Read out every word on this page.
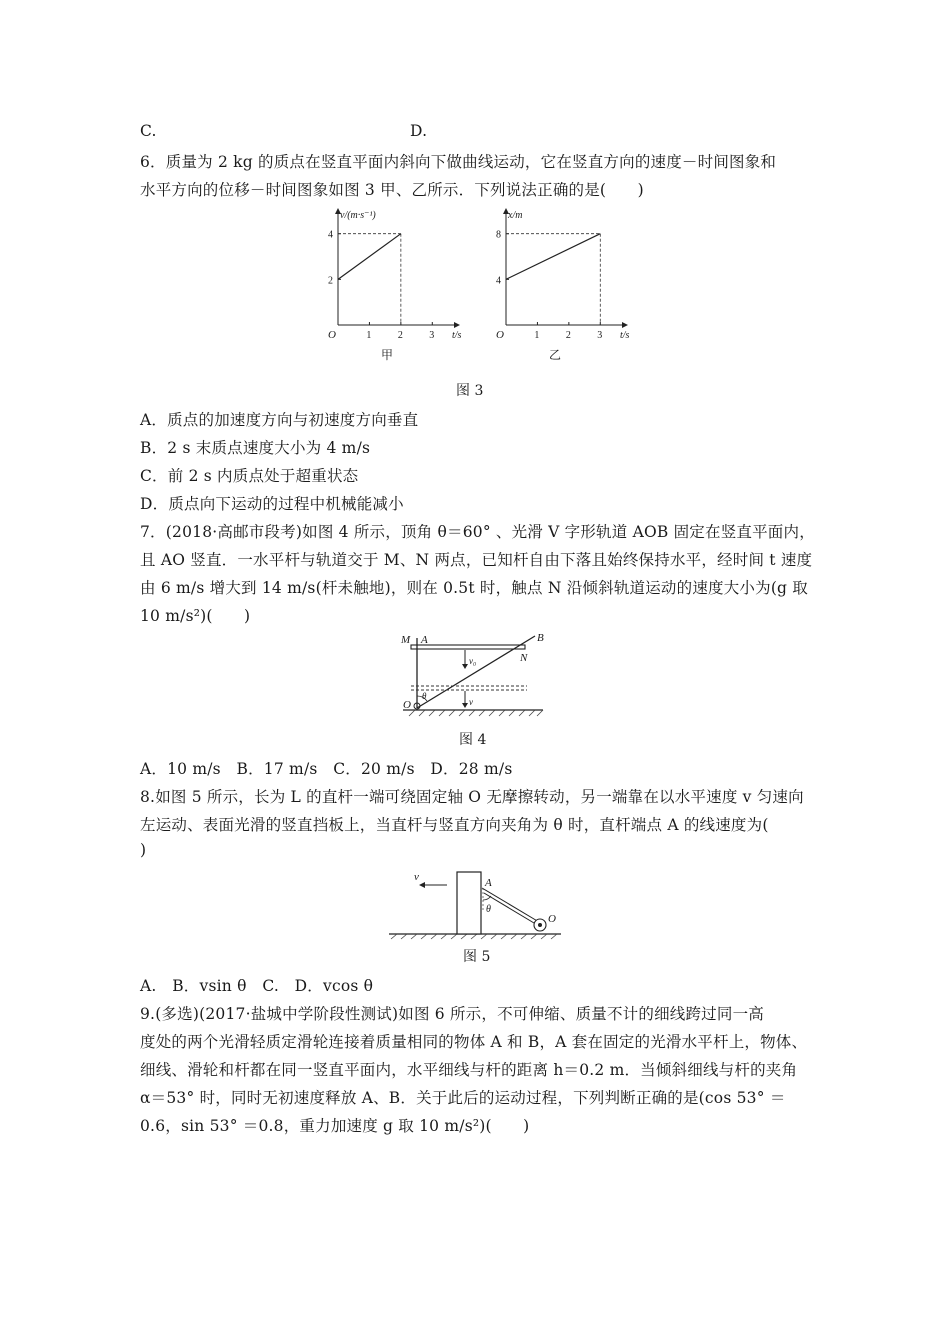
C.	D.
6．质量为 2 kg 的质点在竖直平面内斜向下做曲线运动，它在竖直方向的速度－时间图象和
水平方向的位移－时间图象如图 3 甲、乙所示．下列说法正确的是(　　)
v/(m·s⁻¹)
t/s
O	1	2	3
2
4
甲
x/m
t/s
O	1	2	3
4
8
乙
图 3
A．质点的加速度方向与初速度方向垂直
B．2 s 末质点速度大小为 4 m/s
C．前 2 s 内质点处于超重状态
D．质点向下运动的过程中机械能减小
7．(2018·高邮市段考)如图 4 所示，顶角 θ＝60° 、光滑 V 字形轨道 AOB 固定在竖直平面内，
且 AO 竖直．一水平杆与轨道交于 M、N 两点，已知杆自由下落且始终保持水平，经时间 t 速度
由 6 m/s 增大到 14 m/s(杆未触地)，则在 0.5t 时，触点 N 沿倾斜轨道运动的速度大小为(g 取
10 m/s²)(　　)
M A	B
N
O
θ
v₀
v
图 4
A．10 m/s　B．17 m/s　C．20 m/s　D．28 m/s
8.如图 5 所示，长为 L 的直杆一端可绕固定轴 O 无摩擦转动，另一端靠在以水平速度 v 匀速向
左运动、表面光滑的竖直挡板上，当直杆与竖直方向夹角为 θ 时，直杆端点 A 的线速度为(
)
v	A
θ
O
图 5
A.　B．vsin θ　C.　D．vcos θ
9.(多选)(2017·盐城中学阶段性测试)如图 6 所示，不可伸缩、质量不计的细线跨过同一高
度处的两个光滑轻质定滑轮连接着质量相同的物体 A 和 B，A 套在固定的光滑水平杆上，物体、
细线、滑轮和杆都在同一竖直平面内，水平细线与杆的距离 h＝0.2 m．当倾斜细线与杆的夹角
α＝53° 时，同时无初速度释放 A、B．关于此后的运动过程，下列判断正确的是(cos 53° ＝
0.6，sin 53° ＝0.8，重力加速度 g 取 10 m/s²)(　　)
